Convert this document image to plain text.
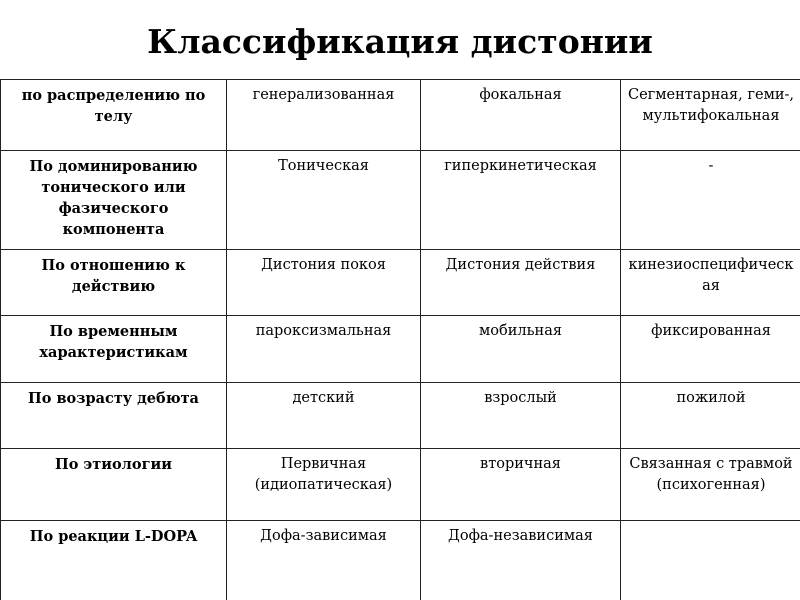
Классификация дистонии
по распределению по телу	генерализованная	фокальная	Сегментарная, геми-, мультифокальная
По доминированию тонического или фазического компонента	Тоническая	гиперкинетическая	-
По отношению к действию	Дистония покоя	Дистония действия	кинезиоспецифическая
По временным характеристикам	пароксизмальная	мобильная	фиксированная
По возрасту дебюта	детский	взрослый	пожилой
По этиологии	Первичная (идиопатическая)	вторичная	Связанная с травмой (психогенная)
По реакции L-DOPA	Дофа-зависимая	Дофа-независимая	
